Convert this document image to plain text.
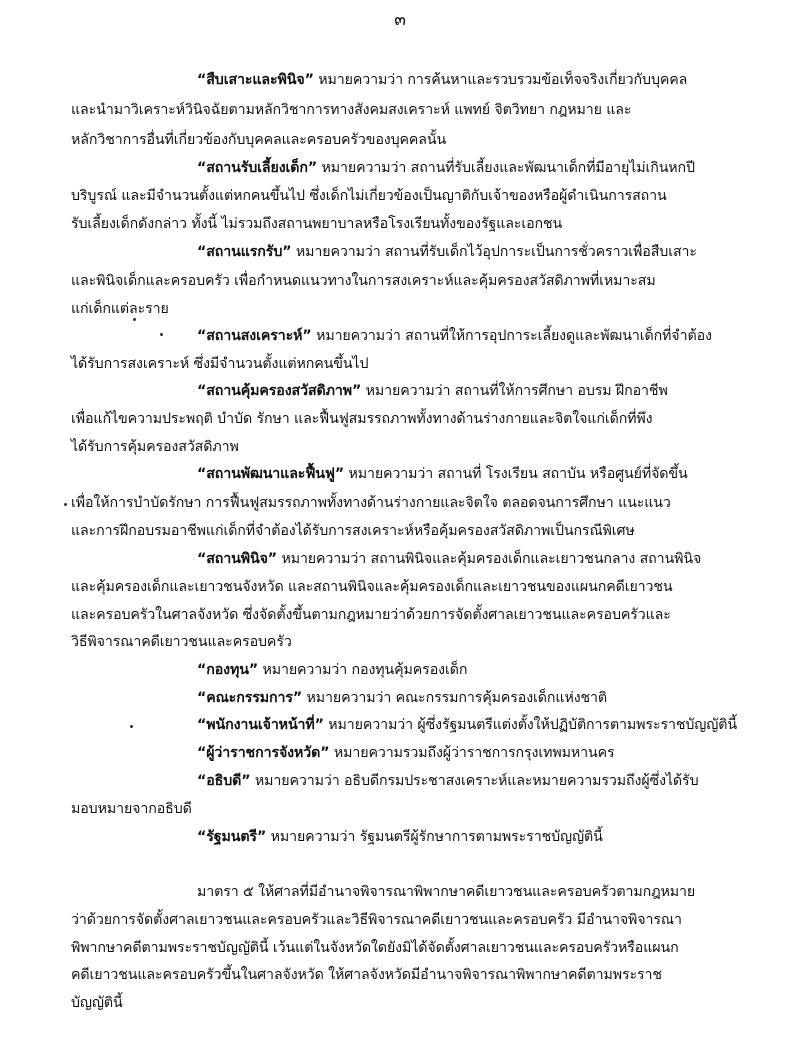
๓
“สืบเสาะและพินิจ” หมายความว่า การค้นหาและรวบรวมข้อเท็จจริงเกี่ยวกับบุคคล
และนำมาวิเคราะห์วินิจฉัยตามหลักวิชาการทางสังคมสงเคราะห์ แพทย์ จิตวิทยา กฎหมาย และ
หลักวิชาการอื่นที่เกี่ยวข้องกับบุคคลและครอบครัวของบุคคลนั้น
“สถานรับเลี้ยงเด็ก” หมายความว่า สถานที่รับเลี้ยงและพัฒนาเด็กที่มีอายุไม่เกินหกปี
บริบูรณ์ และมีจำนวนตั้งแต่หกคนขึ้นไป ซึ่งเด็กไม่เกี่ยวข้องเป็นญาติกับเจ้าของหรือผู้ดำเนินการสถาน
รับเลี้ยงเด็กดังกล่าว ทั้งนี้ ไม่รวมถึงสถานพยาบาลหรือโรงเรียนทั้งของรัฐและเอกชน
“สถานแรกรับ” หมายความว่า สถานที่รับเด็กไว้อุปการะเป็นการชั่วคราวเพื่อสืบเสาะ
และพินิจเด็กและครอบครัว เพื่อกำหนดแนวทางในการสงเคราะห์และคุ้มครองสวัสดิภาพที่เหมาะสม
แก่เด็กแต่ละราย
“สถานสงเคราะห์” หมายความว่า สถานที่ให้การอุปการะเลี้ยงดูและพัฒนาเด็กที่จำต้อง
ได้รับการสงเคราะห์ ซึ่งมีจำนวนตั้งแต่หกคนขึ้นไป
“สถานคุ้มครองสวัสดิภาพ” หมายความว่า สถานที่ให้การศึกษา อบรม ฝึกอาชีพ
เพื่อแก้ไขความประพฤติ บำบัด รักษา และฟื้นฟูสมรรถภาพทั้งทางด้านร่างกายและจิตใจแก่เด็กที่พึง
ได้รับการคุ้มครองสวัสดิภาพ
“สถานพัฒนาและฟื้นฟู” หมายความว่า สถานที่ โรงเรียน สถาบัน หรือศูนย์ที่จัดขึ้น
เพื่อให้การบำบัดรักษา การฟื้นฟูสมรรถภาพทั้งทางด้านร่างกายและจิตใจ ตลอดจนการศึกษา แนะแนว
และการฝึกอบรมอาชีพแก่เด็กที่จำต้องได้รับการสงเคราะห์หรือคุ้มครองสวัสดิภาพเป็นกรณีพิเศษ
“สถานพินิจ” หมายความว่า สถานพินิจและคุ้มครองเด็กและเยาวชนกลาง สถานพินิจ
และคุ้มครองเด็กและเยาวชนจังหวัด และสถานพินิจและคุ้มครองเด็กและเยาวชนของแผนกคดีเยาวชน
และครอบครัวในศาลจังหวัด ซึ่งจัดตั้งขึ้นตามกฎหมายว่าด้วยการจัดตั้งศาลเยาวชนและครอบครัวและ
วิธีพิจารณาคดีเยาวชนและครอบครัว
“กองทุน” หมายความว่า กองทุนคุ้มครองเด็ก
“คณะกรรมการ” หมายความว่า คณะกรรมการคุ้มครองเด็กแห่งชาติ
“พนักงานเจ้าหน้าที่” หมายความว่า ผู้ซึ่งรัฐมนตรีแต่งตั้งให้ปฏิบัติการตามพระราชบัญญัตินี้
“ผู้ว่าราชการจังหวัด” หมายความรวมถึงผู้ว่าราชการกรุงเทพมหานคร
“อธิบดี” หมายความว่า อธิบดีกรมประชาสงเคราะห์และหมายความรวมถึงผู้ซึ่งได้รับ
มอบหมายจากอธิบดี
“รัฐมนตรี” หมายความว่า รัฐมนตรีผู้รักษาการตามพระราชบัญญัตินี้
มาตรา ๕ ให้ศาลที่มีอำนาจพิจารณาพิพากษาคดีเยาวชนและครอบครัวตามกฎหมาย
ว่าด้วยการจัดตั้งศาลเยาวชนและครอบครัวและวิธีพิจารณาคดีเยาวชนและครอบครัว มีอำนาจพิจารณา
พิพากษาคดีตามพระราชบัญญัตินี้ เว้นแต่ในจังหวัดใดยังมิได้จัดตั้งศาลเยาวชนและครอบครัวหรือแผนก
คดีเยาวชนและครอบครัวขึ้นในศาลจังหวัด ให้ศาลจังหวัดมีอำนาจพิจารณาพิพากษาคดีตามพระราช
บัญญัตินี้
